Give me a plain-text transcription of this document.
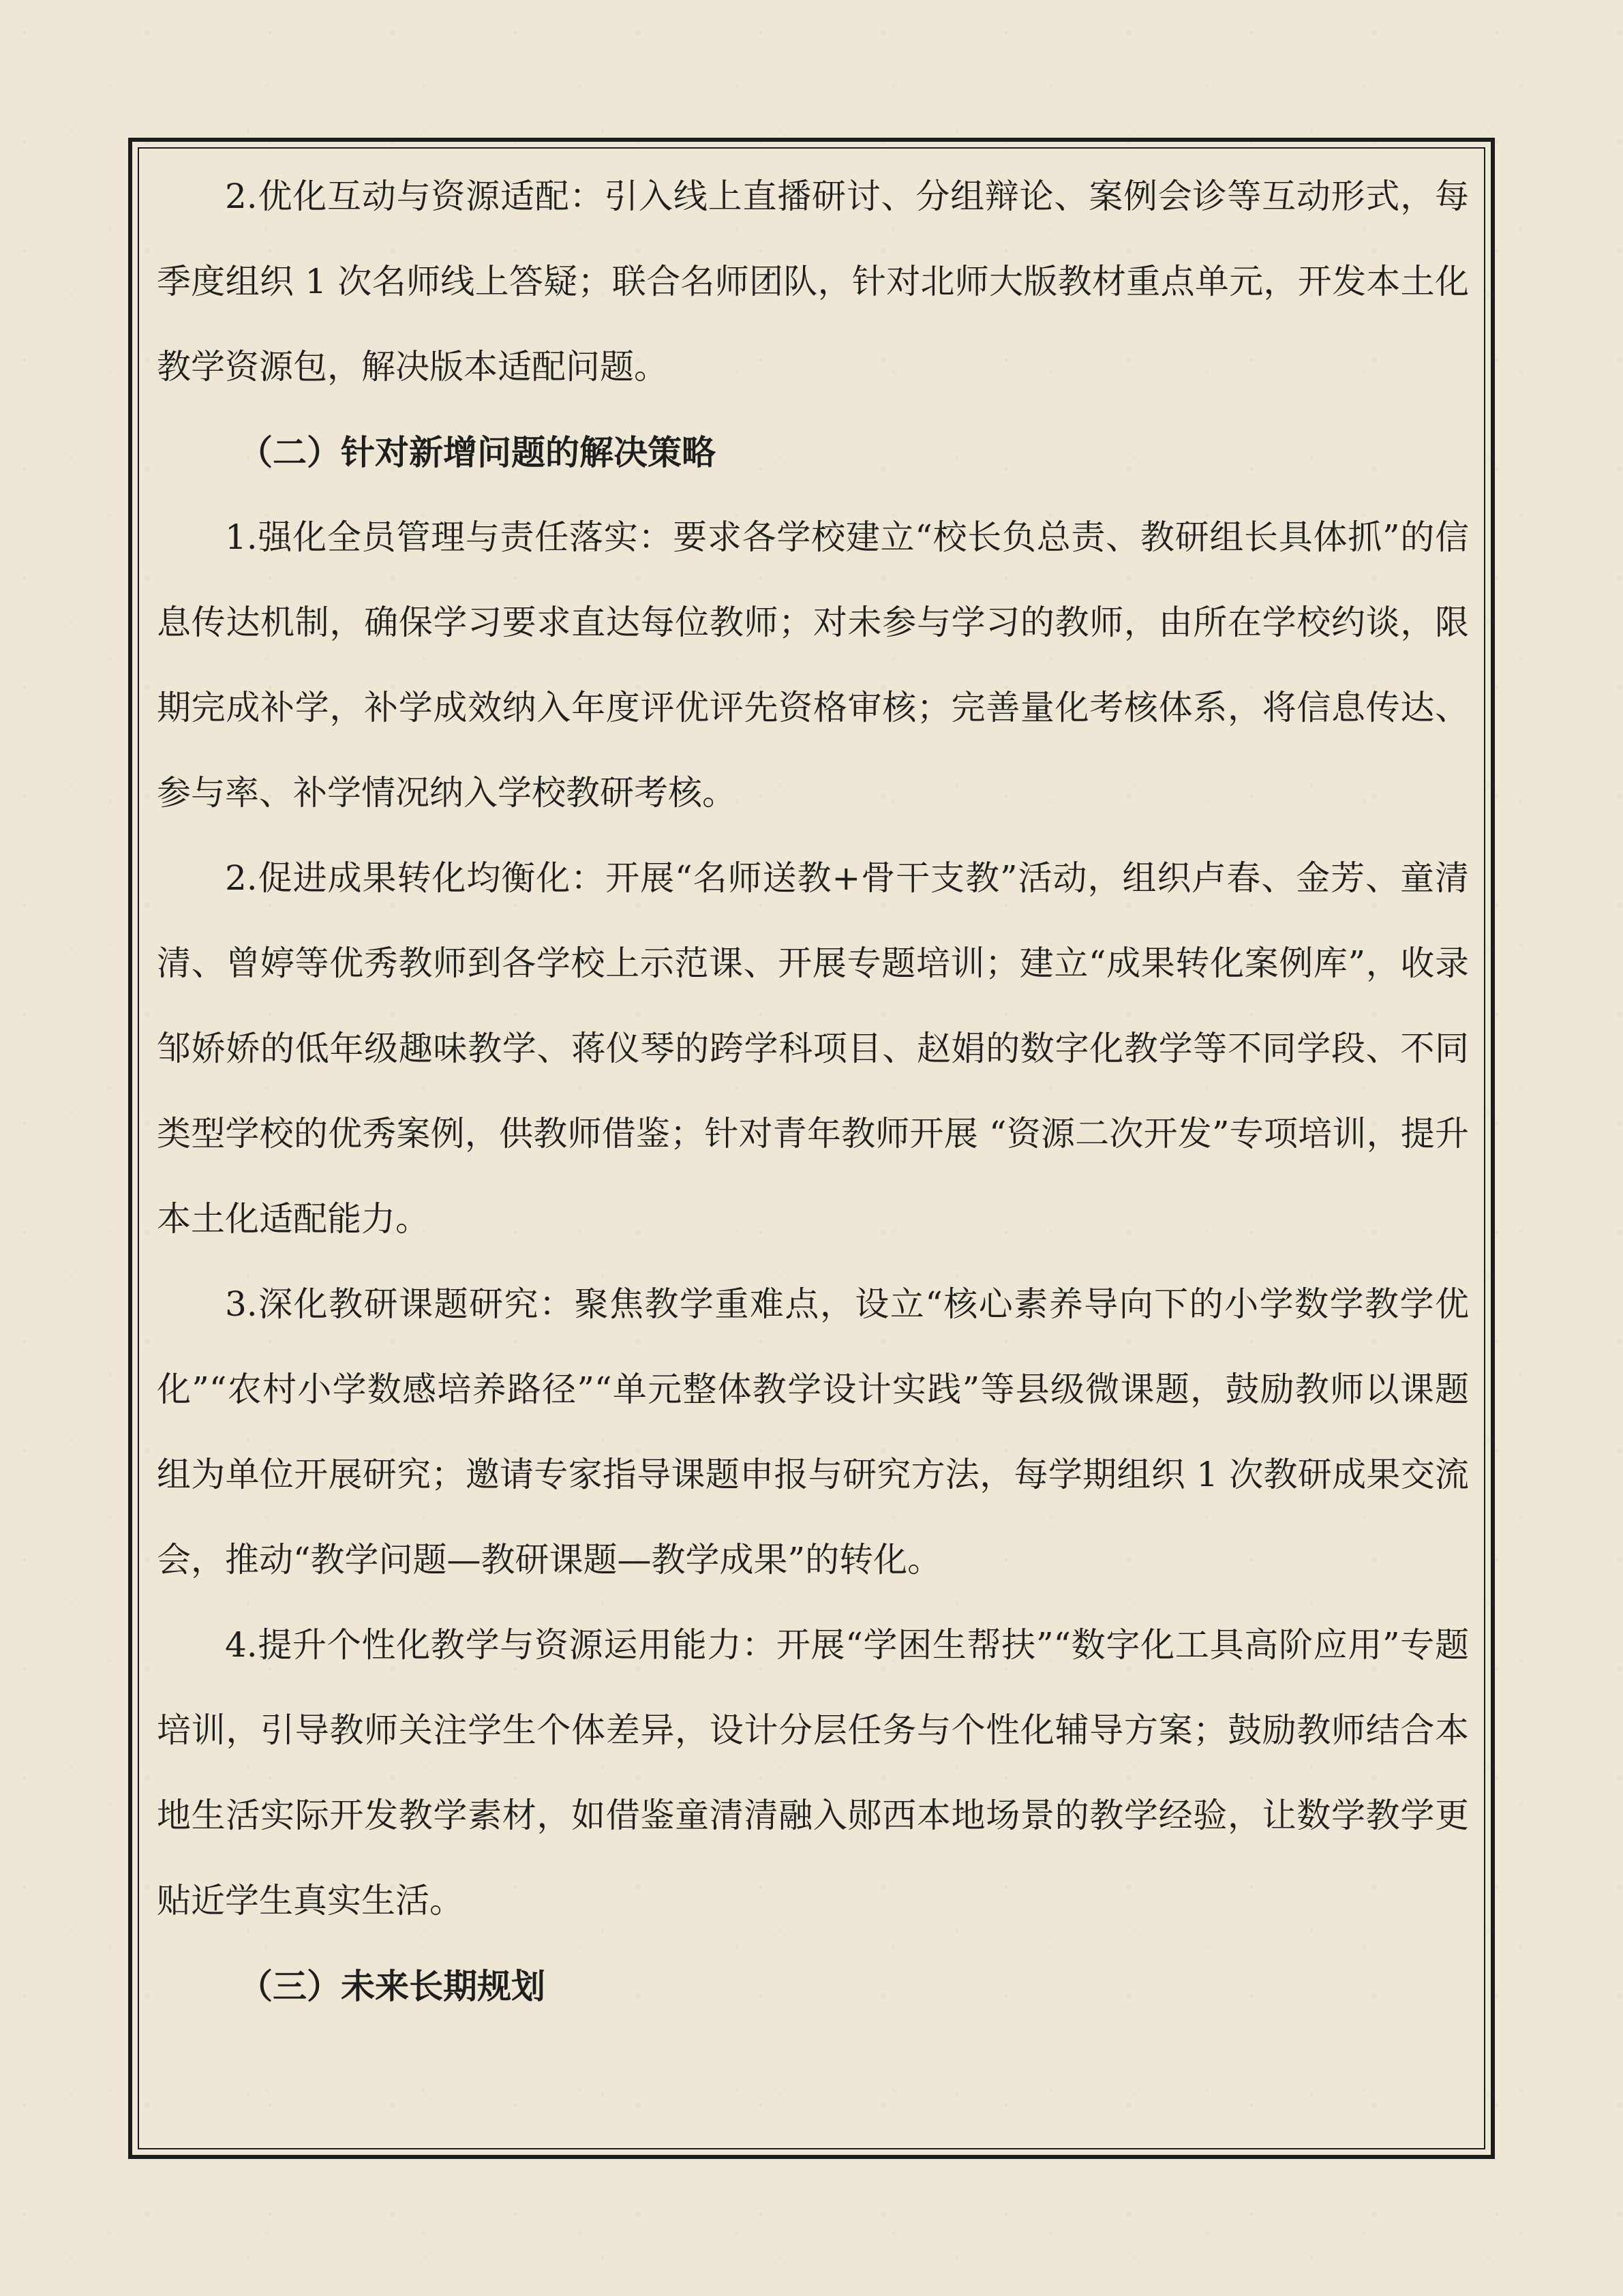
2.优化互动与资源适配：引入线上直播研讨、分组辩论、案例会诊等互动形式，每季度组织 1 次名师线上答疑；联合名师团队，针对北师大版教材重点单元，开发本土化教学资源包，解决版本适配问题。

（二）针对新增问题的解决策略

1.强化全员管理与责任落实：要求各学校建立“校长负总责、教研组长具体抓”的信息传达机制，确保学习要求直达每位教师；对未参与学习的教师，由所在学校约谈，限期完成补学，补学成效纳入年度评优评先资格审核；完善量化考核体系，将信息传达、参与率、补学情况纳入学校教研考核。

2.促进成果转化均衡化：开展“名师送教+骨干支教”活动，组织卢春、金芳、童清清、曾婷等优秀教师到各学校上示范课、开展专题培训；建立“成果转化案例库”，收录邹娇娇的低年级趣味教学、蒋仪琴的跨学科项目、赵娟的数字化教学等不同学段、不同类型学校的优秀案例，供教师借鉴；针对青年教师开展 “资源二次开发”专项培训，提升本土化适配能力。

3.深化教研课题研究：聚焦教学重难点，设立“核心素养导向下的小学数学教学优化”“农村小学数感培养路径”“单元整体教学设计实践”等县级微课题，鼓励教师以课题组为单位开展研究；邀请专家指导课题申报与研究方法，每学期组织 1 次教研成果交流会，推动“教学问题—教研课题—教学成果”的转化。

4.提升个性化教学与资源运用能力：开展“学困生帮扶”“数字化工具高阶应用”专题培训，引导教师关注学生个体差异，设计分层任务与个性化辅导方案；鼓励教师结合本地生活实际开发教学素材，如借鉴童清清融入郧西本地场景的教学经验，让数学教学更贴近学生真实生活。

（三）未来长期规划
